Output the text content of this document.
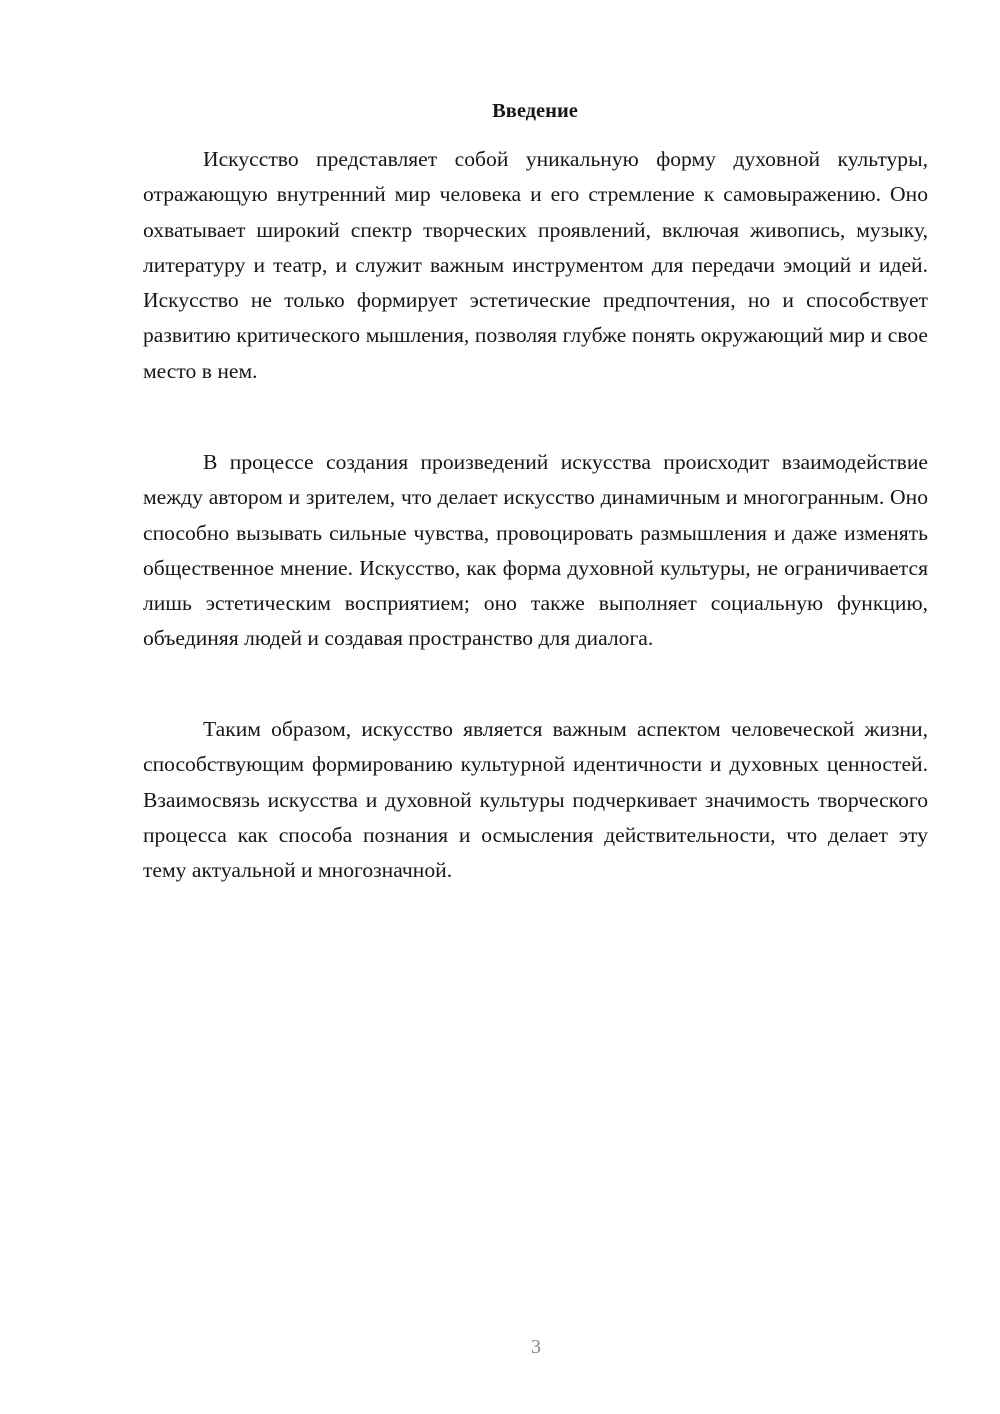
Введение

Искусство представляет собой уникальную форму духовной культуры, отражающую внутренний мир человека и его стремление к самовыражению. Оно охватывает широкий спектр творческих проявлений, включая живопись, музыку, литературу и театр, и служит важным инструментом для передачи эмоций и идей. Искусство не только формирует эстетические предпочтения, но и способствует развитию критического мышления, позволяя глубже понять окружающий мир и свое место в нем.

В процессе создания произведений искусства происходит взаимодействие между автором и зрителем, что делает искусство динамичным и многогранным. Оно способно вызывать сильные чувства, провоцировать размышления и даже изменять общественное мнение. Искусство, как форма духовной культуры, не ограничивается лишь эстетическим восприятием; оно также выполняет социальную функцию, объединяя людей и создавая пространство для диалога.

Таким образом, искусство является важным аспектом человеческой жизни, способствующим формированию культурной идентичности и духовных ценностей. Взаимосвязь искусства и духовной культуры подчеркивает значимость творческого процесса как способа познания и осмысления действительности, что делает эту тему актуальной и многозначной.

3
